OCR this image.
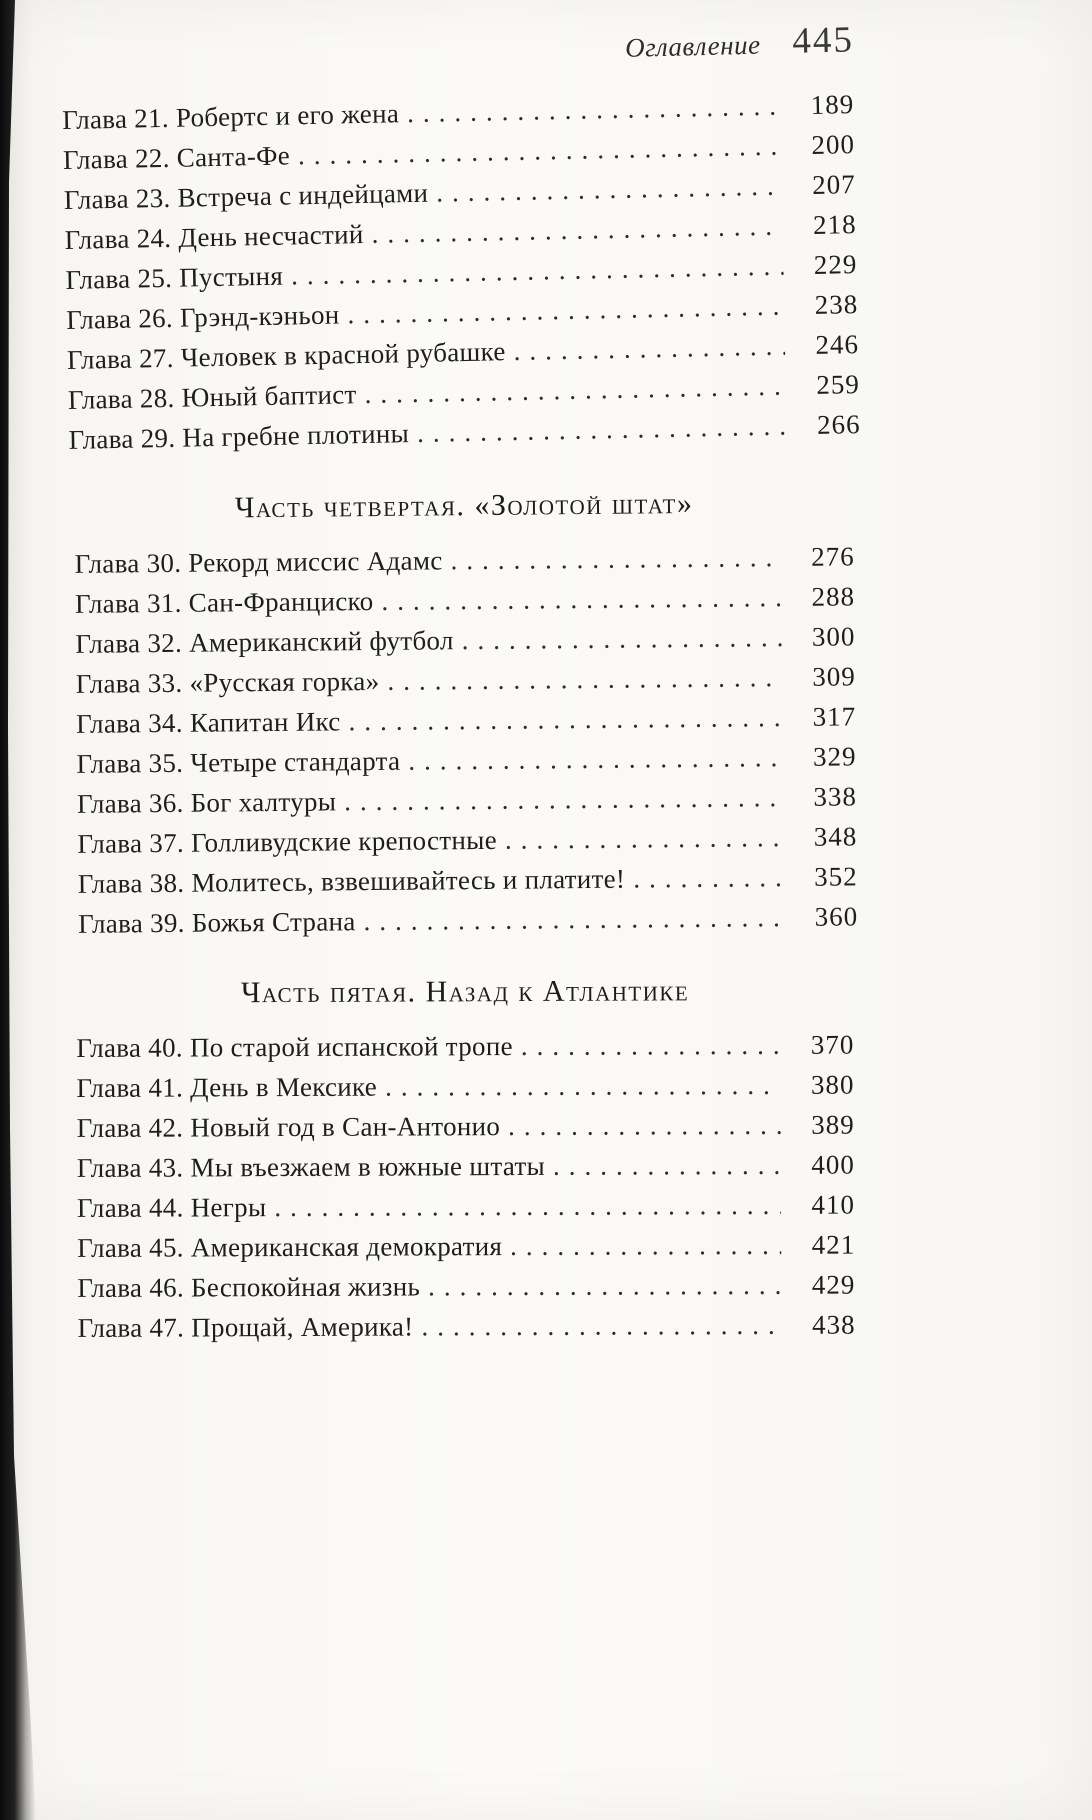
Оглавление 445
Глава 21. Робертс и его жена .....	189
Глава 22. Санта-Фе .....	200
Глава 23. Встреча с индейцами .....	207
Глава 24. День несчастий .....	218
Глава 25. Пустыня .....	229
Глава 26. Грэнд-кэньон .....	238
Глава 27. Человек в красной рубашке .....	246
Глава 28. Юный баптист .....	259
Глава 29. На гребне плотины .....	266
Часть четвертая. «Золотой штат»
Глава 30. Рекорд миссис Адамс .....	276
Глава 31. Сан-Франциско .....	288
Глава 32. Американский футбол .....	300
Глава 33. «Русская горка» .....	309
Глава 34. Капитан Икс .....	317
Глава 35. Четыре стандарта .....	329
Глава 36. Бог халтуры .....	338
Глава 37. Голливудские крепостные .....	348
Глава 38. Молитесь, взвешивайтесь и платите! .....	352
Глава 39. Божья Страна .....	360
Часть пятая. Назад к Атлантике
Глава 40. По старой испанской тропе .....	370
Глава 41. День в Мексике .....	380
Глава 42. Новый год в Сан-Антонио .....	389
Глава 43. Мы въезжаем в южные штаты .....	400
Глава 44. Негры .....	410
Глава 45. Американская демократия .....	421
Глава 46. Беспокойная жизнь .....	429
Глава 47. Прощай, Америка! .....	438
